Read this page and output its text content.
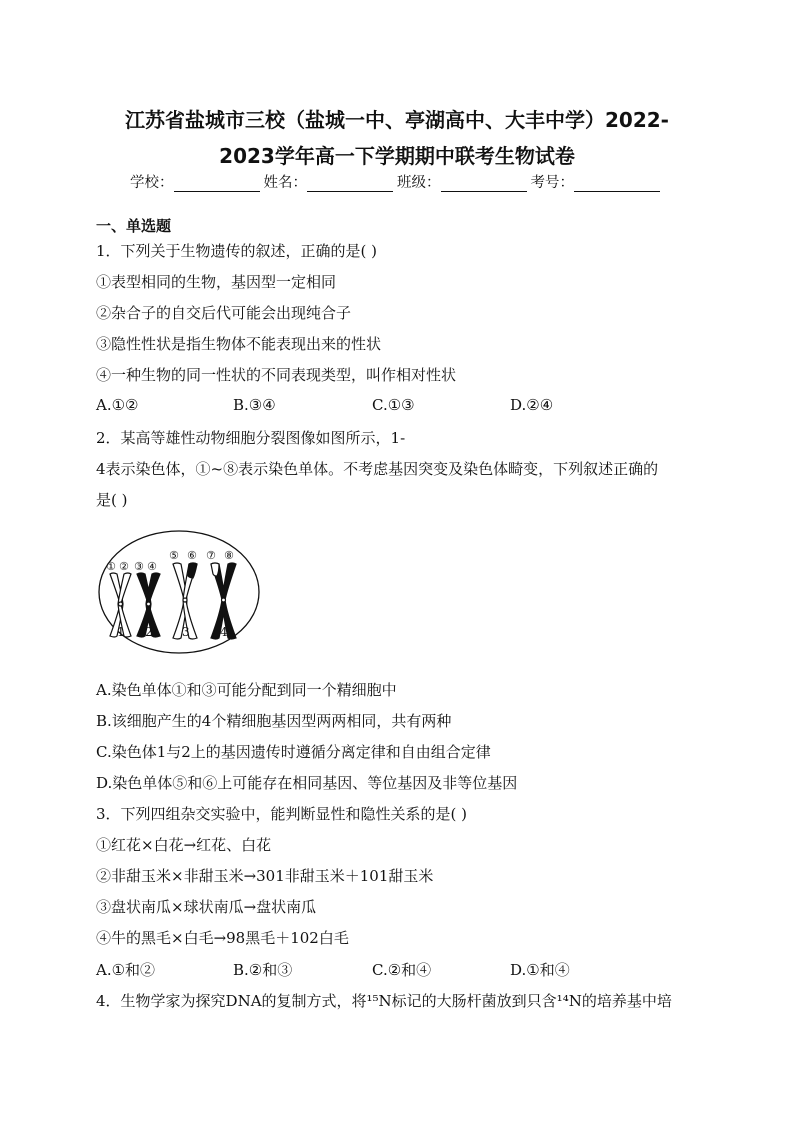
江苏省盐城市三校（盐城一中、亭湖高中、大丰中学）2022-
2023学年高一下学期期中联考生物试卷
学校：	姓名：	班级：	考号：
一、单选题
1．下列关于生物遗传的叙述，正确的是( )
①表型相同的生物，基因型一定相同
②杂合子的自交后代可能会出现纯合子
③隐性性状是指生物体不能表现出来的性状
④一种生物的同一性状的不同表现类型，叫作相对性状
A.①②	B.③④	C.①③	D.②④
2．某高等雄性动物细胞分裂图像如图所示，1-
4表示染色体，①~⑧表示染色单体。不考虑基因突变及染色体畸变，下列叙述正确的
是( )
① ② ③ ④
⑤ ⑥ ⑦ ⑧
1 2 3	4
A.染色单体①和③可能分配到同一个精细胞中
B.该细胞产生的4个精细胞基因型两两相同，共有两种
C.染色体1与2上的基因遗传时遵循分离定律和自由组合定律
D.染色单体⑤和⑥上可能存在相同基因、等位基因及非等位基因
3．下列四组杂交实验中，能判断显性和隐性关系的是( )
①红花×白花→红花、白花
②非甜玉米×非甜玉米→301非甜玉米＋101甜玉米
③盘状南瓜×球状南瓜→盘状南瓜
④牛的黑毛×白毛→98黑毛＋102白毛
A.①和②	B.②和③	C.②和④	D.①和④
4．生物学家为探究DNA的复制方式，将¹⁵N标记的大肠杆菌放到只含¹⁴N的培养基中培
